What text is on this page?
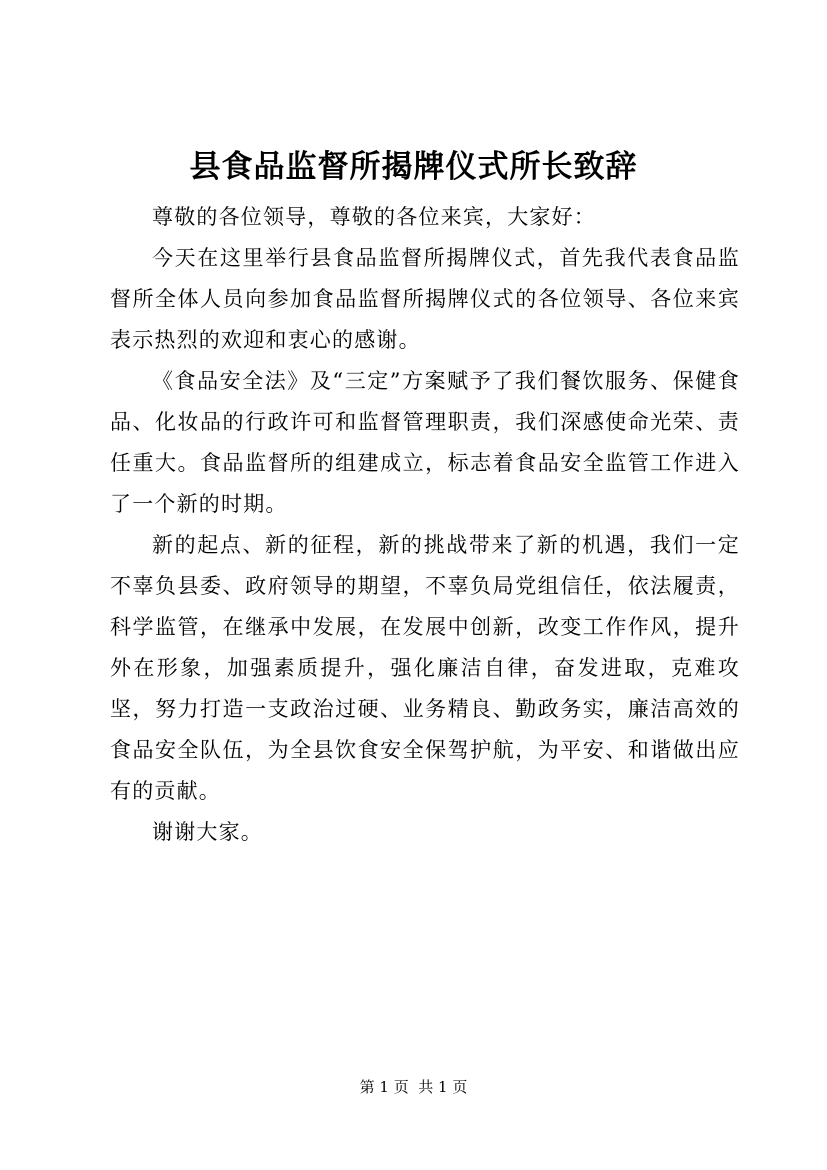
县食品监督所揭牌仪式所长致辞

尊敬的各位领导，尊敬的各位来宾，大家好：

今天在这里举行县食品监督所揭牌仪式，首先我代表食品监督所全体人员向参加食品监督所揭牌仪式的各位领导、各位来宾表示热烈的欢迎和衷心的感谢。

《食品安全法》及“三定”方案赋予了我们餐饮服务、保健食品、化妆品的行政许可和监督管理职责，我们深感使命光荣、责任重大。食品监督所的组建成立，标志着食品安全监管工作进入了一个新的时期。

新的起点、新的征程，新的挑战带来了新的机遇，我们一定不辜负县委、政府领导的期望，不辜负局党组信任，依法履责，科学监管，在继承中发展，在发展中创新，改变工作作风，提升外在形象，加强素质提升，强化廉洁自律，奋发进取，克难攻坚，努力打造一支政治过硬、业务精良、勤政务实，廉洁高效的食品安全队伍，为全县饮食安全保驾护航，为平安、和谐做出应有的贡献。

谢谢大家。

第 1 页  共 1 页
